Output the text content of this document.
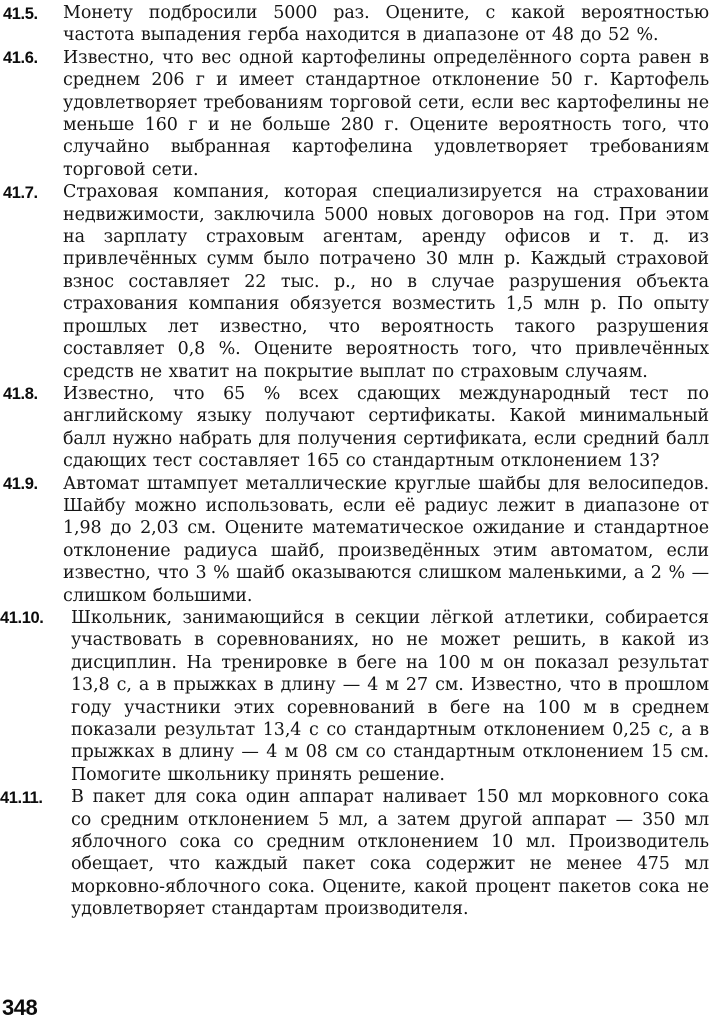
41.5. Монету подбросили 5000 раз. Оцените, с какой вероятностью частота выпадения герба находится в диапазоне от 48 до 52 %.
41.6. Известно, что вес одной картофелины определённого сорта равен в среднем 206 г и имеет стандартное отклонение 50 г. Картофель удовлетворяет требованиям торговой сети, если вес картофелины не меньше 160 г и не больше 280 г. Оцените вероятность того, что случайно выбранная картофелина удовлетворяет требованиям торговой сети.
41.7. Страховая компания, которая специализируется на страховании недвижимости, заключила 5000 новых договоров на год. При этом на зарплату страховым агентам, аренду офисов и т. д. из привлечённых сумм было потрачено 30 млн р. Каждый страховой взнос составляет 22 тыс. р., но в случае разрушения объекта страхования компания обязуется возместить 1,5 млн р. По опыту прошлых лет известно, что вероятность такого разрушения составляет 0,8 %. Оцените вероятность того, что привлечённых средств не хватит на покрытие выплат по страховым случаям.
41.8. Известно, что 65 % всех сдающих международный тест по английскому языку получают сертификаты. Какой минимальный балл нужно набрать для получения сертификата, если средний балл сдающих тест составляет 165 со стандартным отклонением 13?
41.9. Автомат штампует металлические круглые шайбы для велосипедов. Шайбу можно использовать, если её радиус лежит в диапазоне от 1,98 до 2,03 см. Оцените математическое ожидание и стандартное отклонение радиуса шайб, произведённых этим автоматом, если известно, что 3 % шайб оказываются слишком маленькими, а 2 % — слишком большими.
41.10. Школьник, занимающийся в секции лёгкой атлетики, собирается участвовать в соревнованиях, но не может решить, в какой из дисциплин. На тренировке в беге на 100 м он показал результат 13,8 с, а в прыжках в длину — 4 м 27 см. Известно, что в прошлом году участники этих соревнований в беге на 100 м в среднем показали результат 13,4 с со стандартным отклонением 0,25 с, а в прыжках в длину — 4 м 08 см со стандартным отклонением 15 см. Помогите школьнику принять решение.
41.11. В пакет для сока один аппарат наливает 150 мл морковного сока со средним отклонением 5 мл, а затем другой аппарат — 350 мл яблочного сока со средним отклонением 10 мл. Производитель обещает, что каждый пакет сока содержит не менее 475 мл морковно-яблочного сока. Оцените, какой процент пакетов сока не удовлетворяет стандартам производителя.
348
